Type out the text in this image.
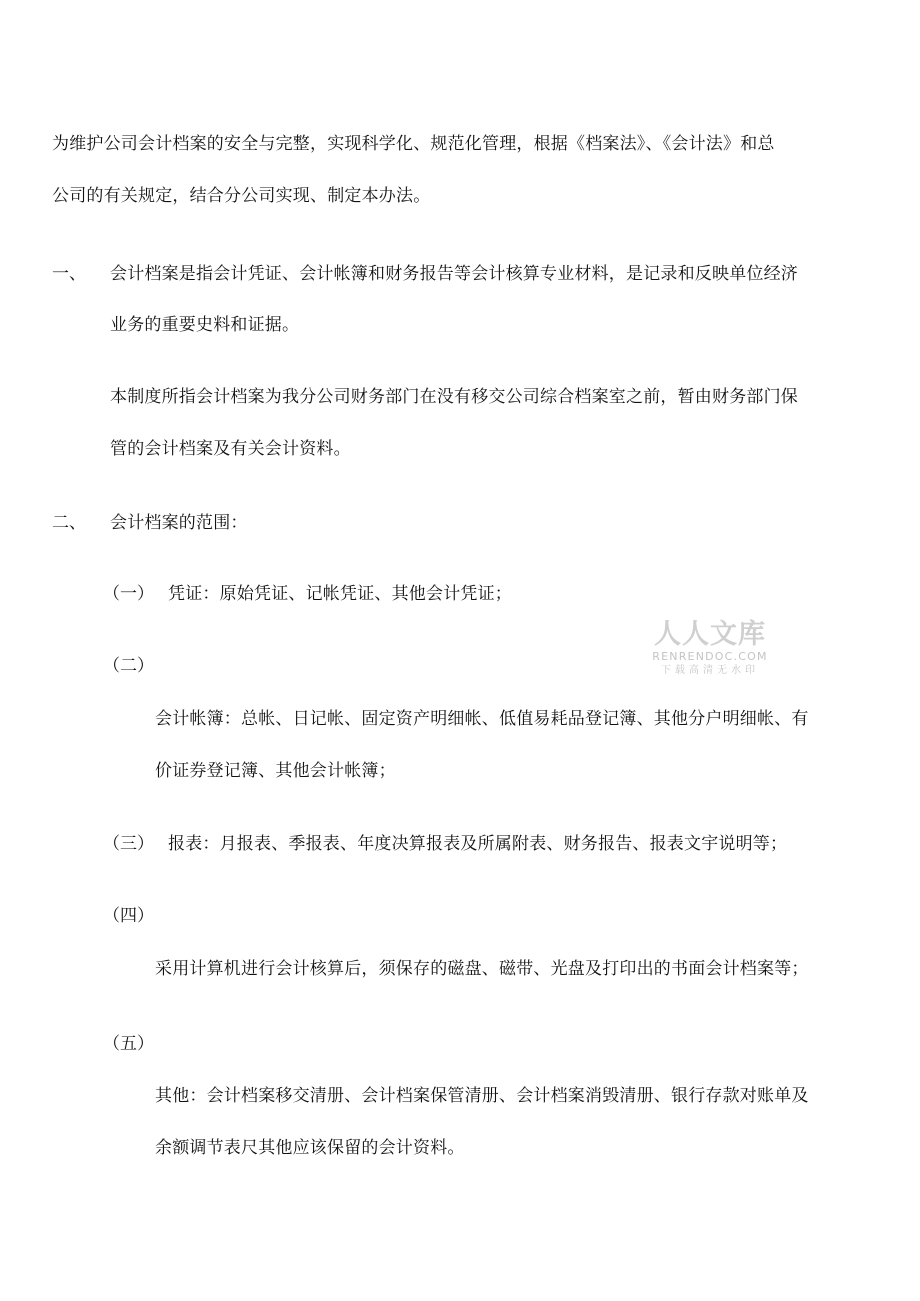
为维护公司会计档案的安全与完整，实现科学化、规范化管理，根据《档案法》、《会计法》和总
公司的有关规定，结合分公司实现、制定本办法。
一、 会计档案是指会计凭证、会计帐簿和财务报告等会计核算专业材料，是记录和反映单位经济
业务的重要史料和证据。
本制度所指会计档案为我分公司财务部门在没有移交公司综合档案室之前，暂由财务部门保
管的会计档案及有关会计资料。
二、 会计档案的范围：
（一） 凭证：原始凭证、记帐凭证、其他会计凭证；
（二）
会计帐簿：总帐、日记帐、固定资产明细帐、低值易耗品登记簿、其他分户明细帐、有
价证券登记簿、其他会计帐簿；
（三） 报表：月报表、季报表、年度决算报表及所属附表、财务报告、报表文宇说明等；
（四）
采用计算机进行会计核算后，须保存的磁盘、磁带、光盘及打印出的书面会计档案等；
（五）
其他：会计档案移交清册、会计档案保管清册、会计档案消毁清册、银行存款对账单及
余额调节表尺其他应该保留的会计资料。
人人文库
RENRENDOC.COM
下载高清无水印
